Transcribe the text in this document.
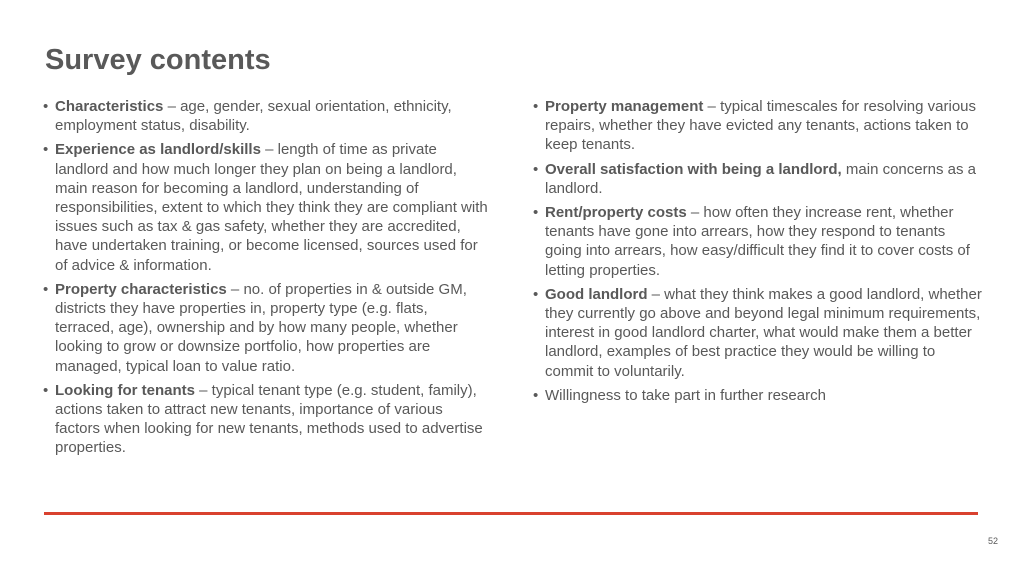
Survey contents
• Characteristics – age, gender, sexual orientation, ethnicity, employment status, disability.
• Experience as landlord/skills – length of time as private landlord and how much longer they plan on being a landlord, main reason for becoming a landlord, understanding of responsibilities, extent to which they think they are compliant with issues such as tax & gas safety, whether they are accredited, have undertaken training, or become licensed, sources used for of advice & information.
• Property characteristics – no. of properties in & outside GM, districts they have properties in, property type (e.g. flats, terraced, age), ownership and by how many people, whether looking to grow or downsize portfolio, how properties are managed, typical loan to value ratio.
• Looking for tenants – typical tenant type (e.g. student, family), actions taken to attract new tenants, importance of various factors when looking for new tenants, methods used to advertise properties.
• Property management – typical timescales for resolving various repairs, whether they have evicted any tenants, actions taken to keep tenants.
• Overall satisfaction with being a landlord, main concerns as a landlord.
• Rent/property costs – how often they increase rent, whether tenants have gone into arrears, how they respond to tenants going into arrears, how easy/difficult they find it to cover costs of letting properties.
• Good landlord – what they think makes a good landlord, whether they currently go above and beyond legal minimum requirements, interest in good landlord charter, what would make them a better landlord, examples of best practice they would be willing to commit to voluntarily.
• Willingness to take part in further research
52
